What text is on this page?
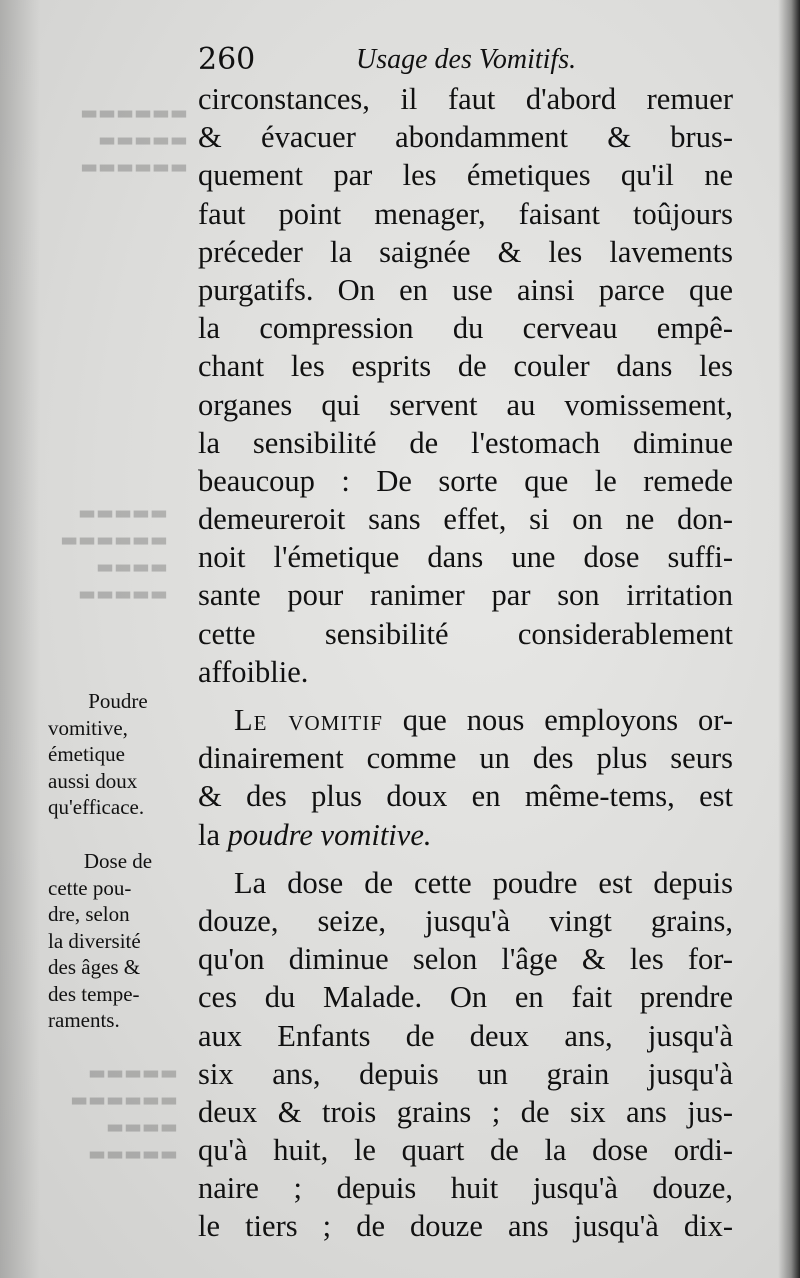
▬▬▬▬▬▬
▬▬▬▬▬
▬▬▬▬▬▬
▬▬▬▬▬
▬▬▬▬▬▬
▬▬▬▬
▬▬▬▬▬
▬▬▬▬▬
▬▬▬▬▬▬
▬▬▬▬
▬▬▬▬▬
260	Usage des Vomitifs.
circonstances, il faut d'abord remuer
& évacuer abondamment & brus-
quement par les émetiques qu'il ne
faut point menager, faisant toûjours
préceder la saignée & les lavements
purgatifs. On en use ainsi parce que
la compression du cerveau empê-
chant les esprits de couler dans les
organes qui servent au vomissement,
la sensibilité de l'estomach diminue
beaucoup : De sorte que le remede
demeureroit sans effet, si on ne don-
noit l'émetique dans une dose suffi-
sante pour ranimer par son irritation
cette sensibilité considerablement
affoiblie.
Le vomitif que nous employons or-
dinairement comme un des plus seurs
& des plus doux en même-tems, est
la poudre vomitive.
La dose de cette poudre est depuis
douze, seize, jusqu'à vingt grains,
qu'on diminue selon l'âge & les for-
ces du Malade. On en fait prendre
aux Enfants de deux ans, jusqu'à
six ans, depuis un grain jusqu'à
deux & trois grains ; de six ans jus-
qu'à huit, le quart de la dose ordi-
naire ; depuis huit jusqu'à douze,
le tiers ; de douze ans jusqu'à dix-
Poudre
vomitive,
émetique
aussi doux
qu'efficace.
Dose de
cette pou-
dre, selon
la diversité
des âges &
des tempe-
raments.
